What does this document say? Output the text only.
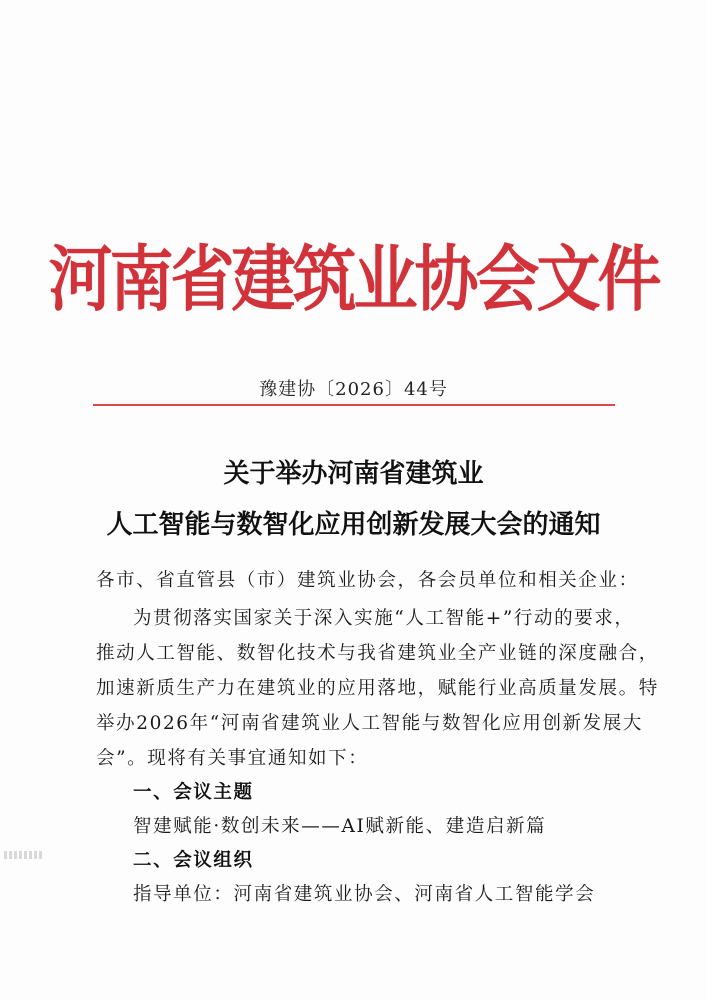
河南省建筑业协会文件
豫建协〔2026〕44号
关于举办河南省建筑业
人工智能与数智化应用创新发展大会的通知
各市、省直管县（市）建筑业协会，各会员单位和相关企业：
为贯彻落实国家关于深入实施“人工智能+”行动的要求，
推动人工智能、数智化技术与我省建筑业全产业链的深度融合，
加速新质生产力在建筑业的应用落地，赋能行业高质量发展。特
举办2026年“河南省建筑业人工智能与数智化应用创新发展大
会”。现将有关事宜通知如下：
一、会议主题
智建赋能·数创未来——AI赋新能、建造启新篇
二、会议组织
指导单位：河南省建筑业协会、河南省人工智能学会
